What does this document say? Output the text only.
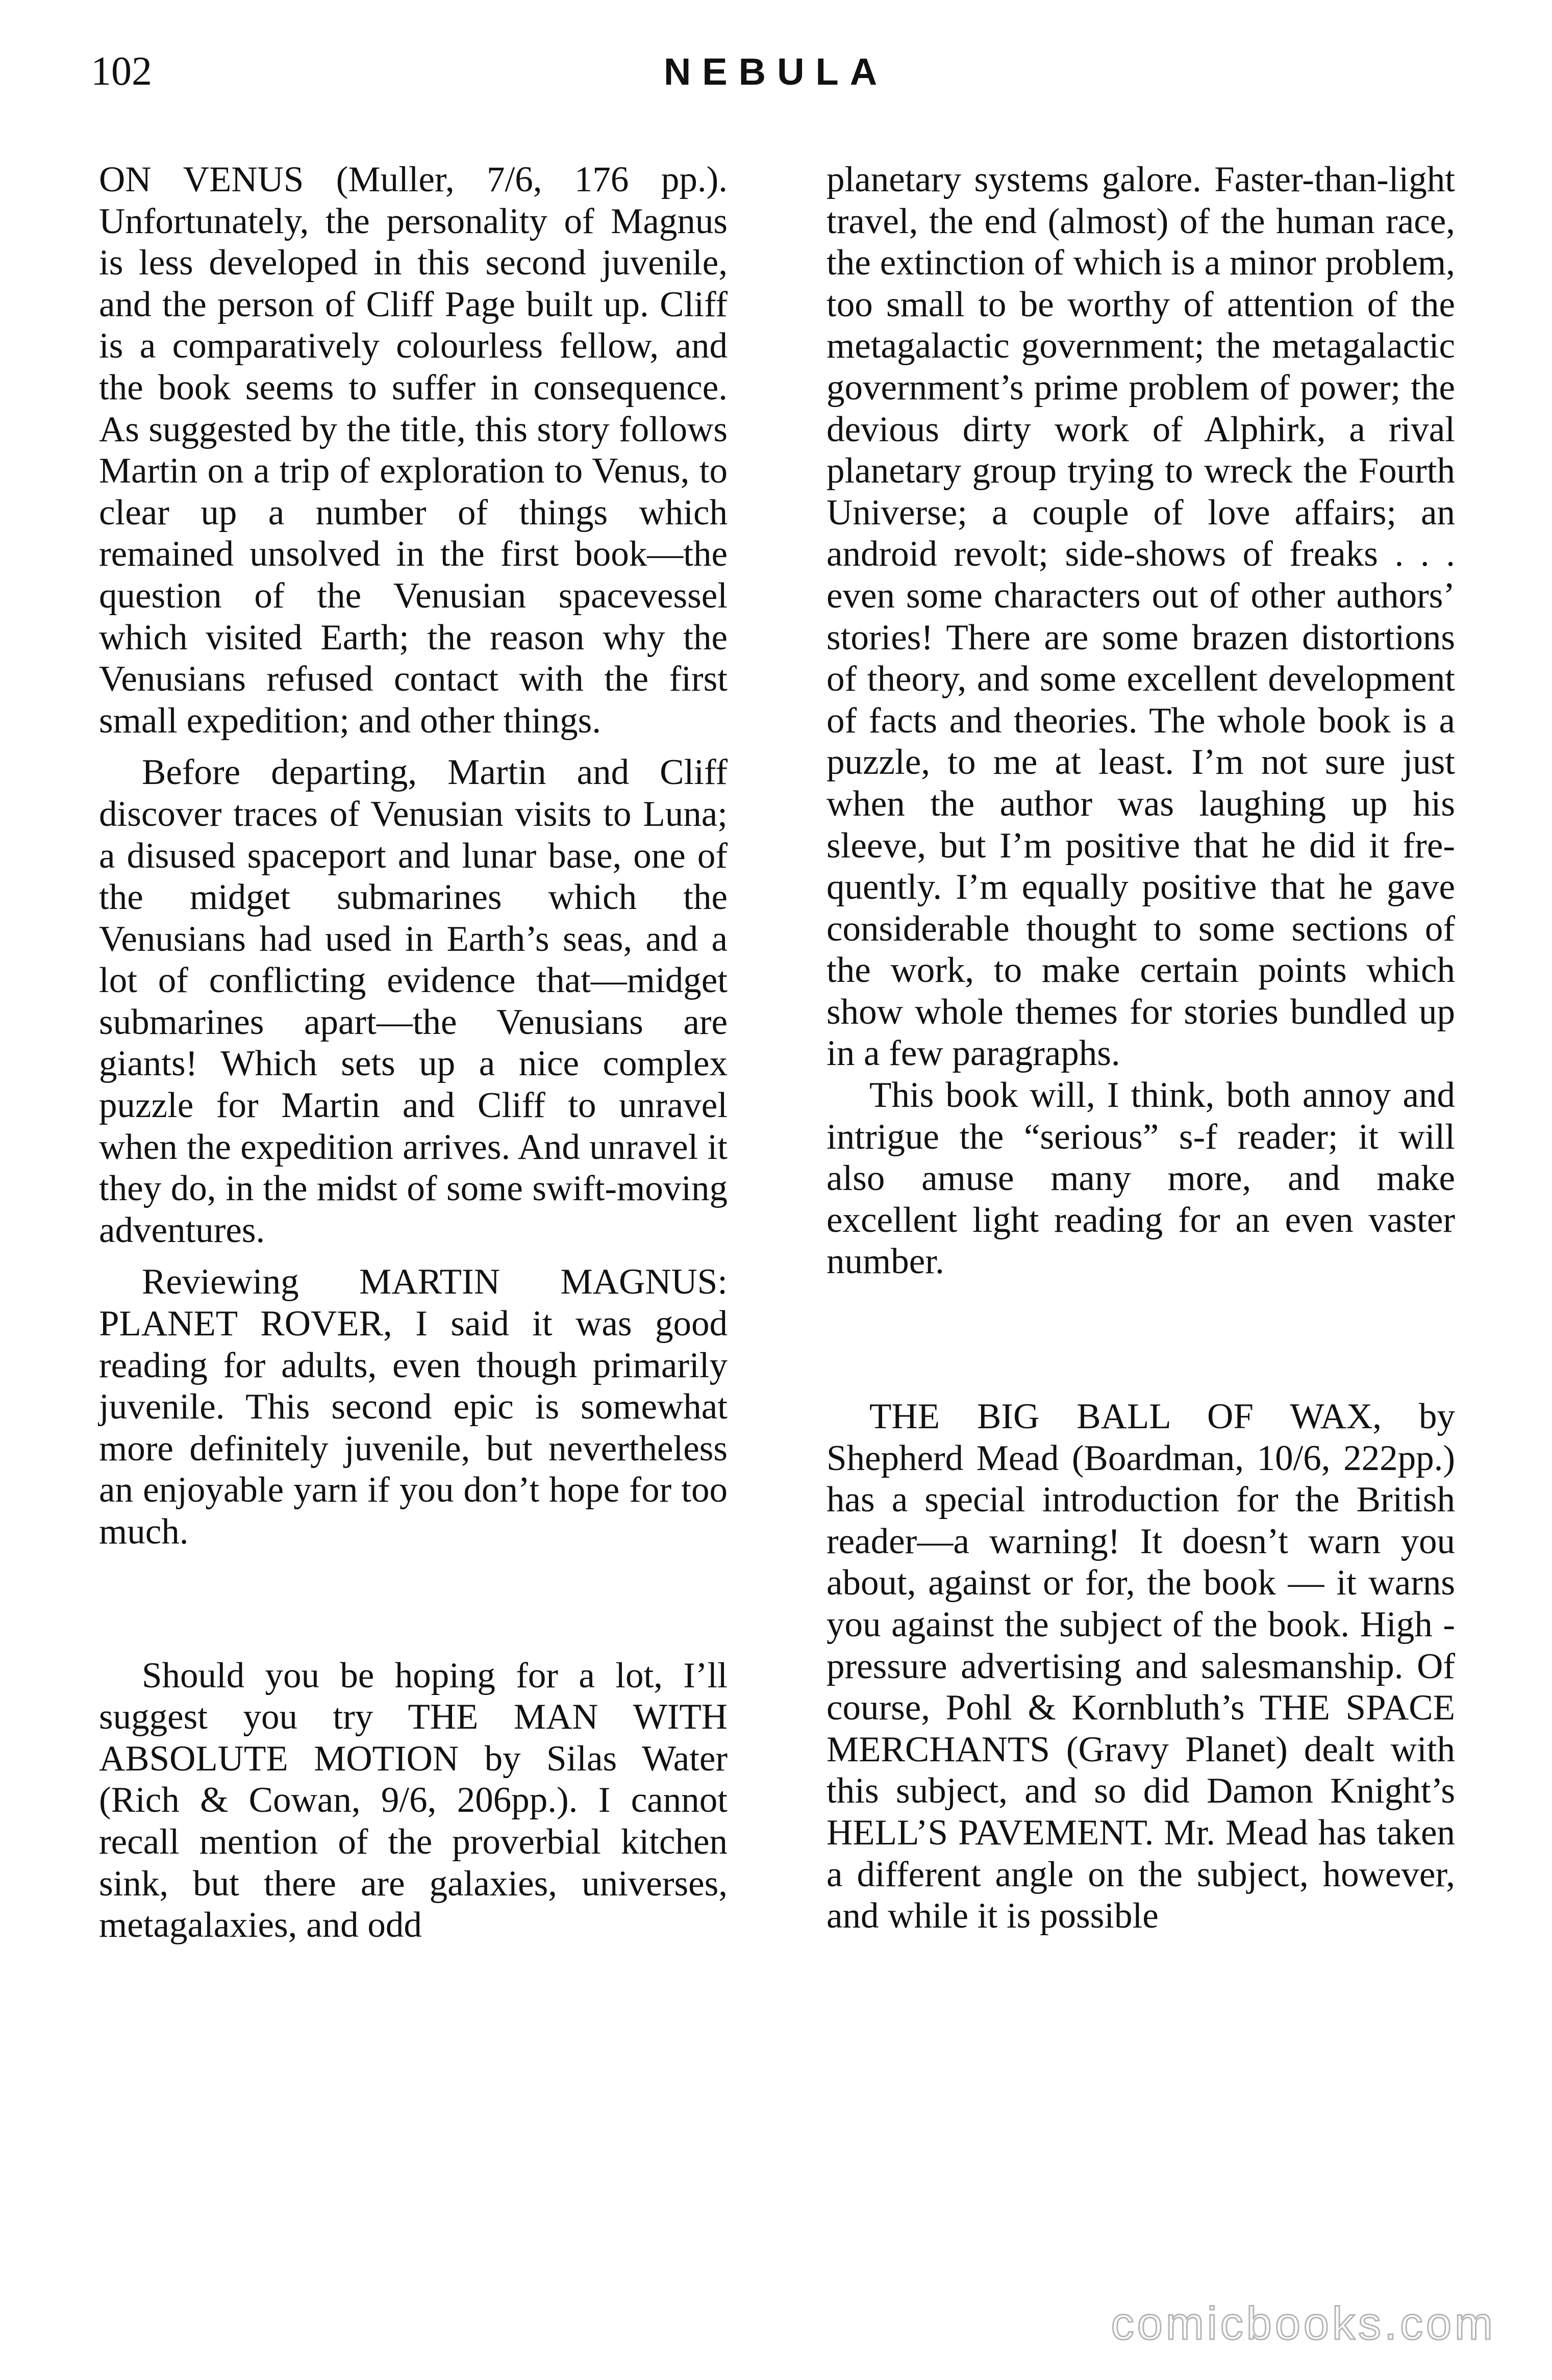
102	NEBULA

ON VENUS (Muller, 7/6, 176 pp.). Unfortunately, the personality of Magnus is less developed in this second juvenile, and the person of Cliff Page built up. Cliff is a comparatively colourless fellow, and the book seems to suffer in consequence. As suggested by the title, this story follows Martin on a trip of exploration to Venus, to clear up a number of things which remained unsolved in the first book—the question of the Venusian spacevessel which visited Earth; the reason why the Venusians refused contact with the first small expedition; and other things.

Before departing, Martin and Cliff discover traces of Venusian visits to Luna; a disused spaceport and lunar base, one of the midget submarines which the Venusians had used in Earth’s seas, and a lot of conflicting evidence that—midget submarines apart—the Venusians are giants! Which sets up a nice complex puzzle for Martin and Cliff to unravel when the expedition arrives. And unravel it they do, in the midst of some swift-moving adventures.

Reviewing MARTIN MAGNUS: PLANET ROVER, I said it was good reading for adults, even though primarily juvenile. This second epic is somewhat more definitely juvenile, but nevertheless an enjoyable yarn if you don’t hope for too much.

Should you be hoping for a lot, I’ll suggest you try THE MAN WITH ABSOLUTE MOTION by Silas Water (Rich & Cowan, 9/6, 206pp.). I cannot recall mention of the proverbial kitchen sink, but there are galaxies, universes, metagalaxies, and odd

planetary systems galore. Faster-than-light travel, the end (almost) of the human race, the extinction of which is a minor problem, too small to be worthy of attention of the metagalactic government; the metagalactic government’s prime problem of power; the devious dirty work of Alphirk, a rival planetary group trying to wreck the Fourth Universe; a couple of love affairs; an android revolt; side-shows of freaks . . . even some characters out of other authors’ stories! There are some brazen distortions of theory, and some excellent development of facts and theories. The whole book is a puzzle, to me at least. I’m not sure just when the author was laughing up his sleeve, but I’m positive that he did it frequently. I’m equally positive that he gave considerable thought to some sections of the work, to make certain points which show whole themes for stories bundled up in a few paragraphs.

This book will, I think, both annoy and intrigue the “serious” s-f reader; it will also amuse many more, and make excellent light reading for an even vaster number.

THE BIG BALL OF WAX, by Shepherd Mead (Boardman, 10/6, 222pp.) has a special introduction for the British reader—a warning! It doesn’t warn you about, against or for, the book — it warns you against the subject of the book. High - pressure advertising and salesmanship. Of course, Pohl & Kornbluth’s THE SPACE MERCHANTS (Gravy Planet) dealt with this subject, and so did Damon Knight’s HELL’S PAVEMENT. Mr. Mead has taken a different angle on the subject, however, and while it is possible

comicbooks.com
